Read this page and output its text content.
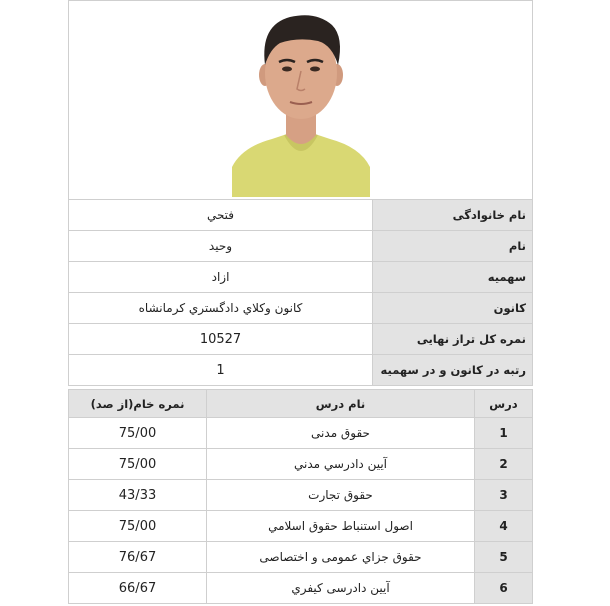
نام خانوادگی	فتحي
نام	وحید
سهمیه	ازاد
کانون	کانون وکلاي دادگستري کرمانشاه
نمره کل تراز نهایی	10527
رتبه در کانون و در سهمیه	1
درس	نام درس	نمره خام(از صد)
1	حقوق مدنی	75/00
2	آیین دادرسي مدني	75/00
3	حقوق تجارت	43/33
4	اصول استنباط حقوق اسلامي	75/00
5	حقوق جزاي عمومی و اختصاصی	76/67
6	آیین دادرسی کیفري	66/67
